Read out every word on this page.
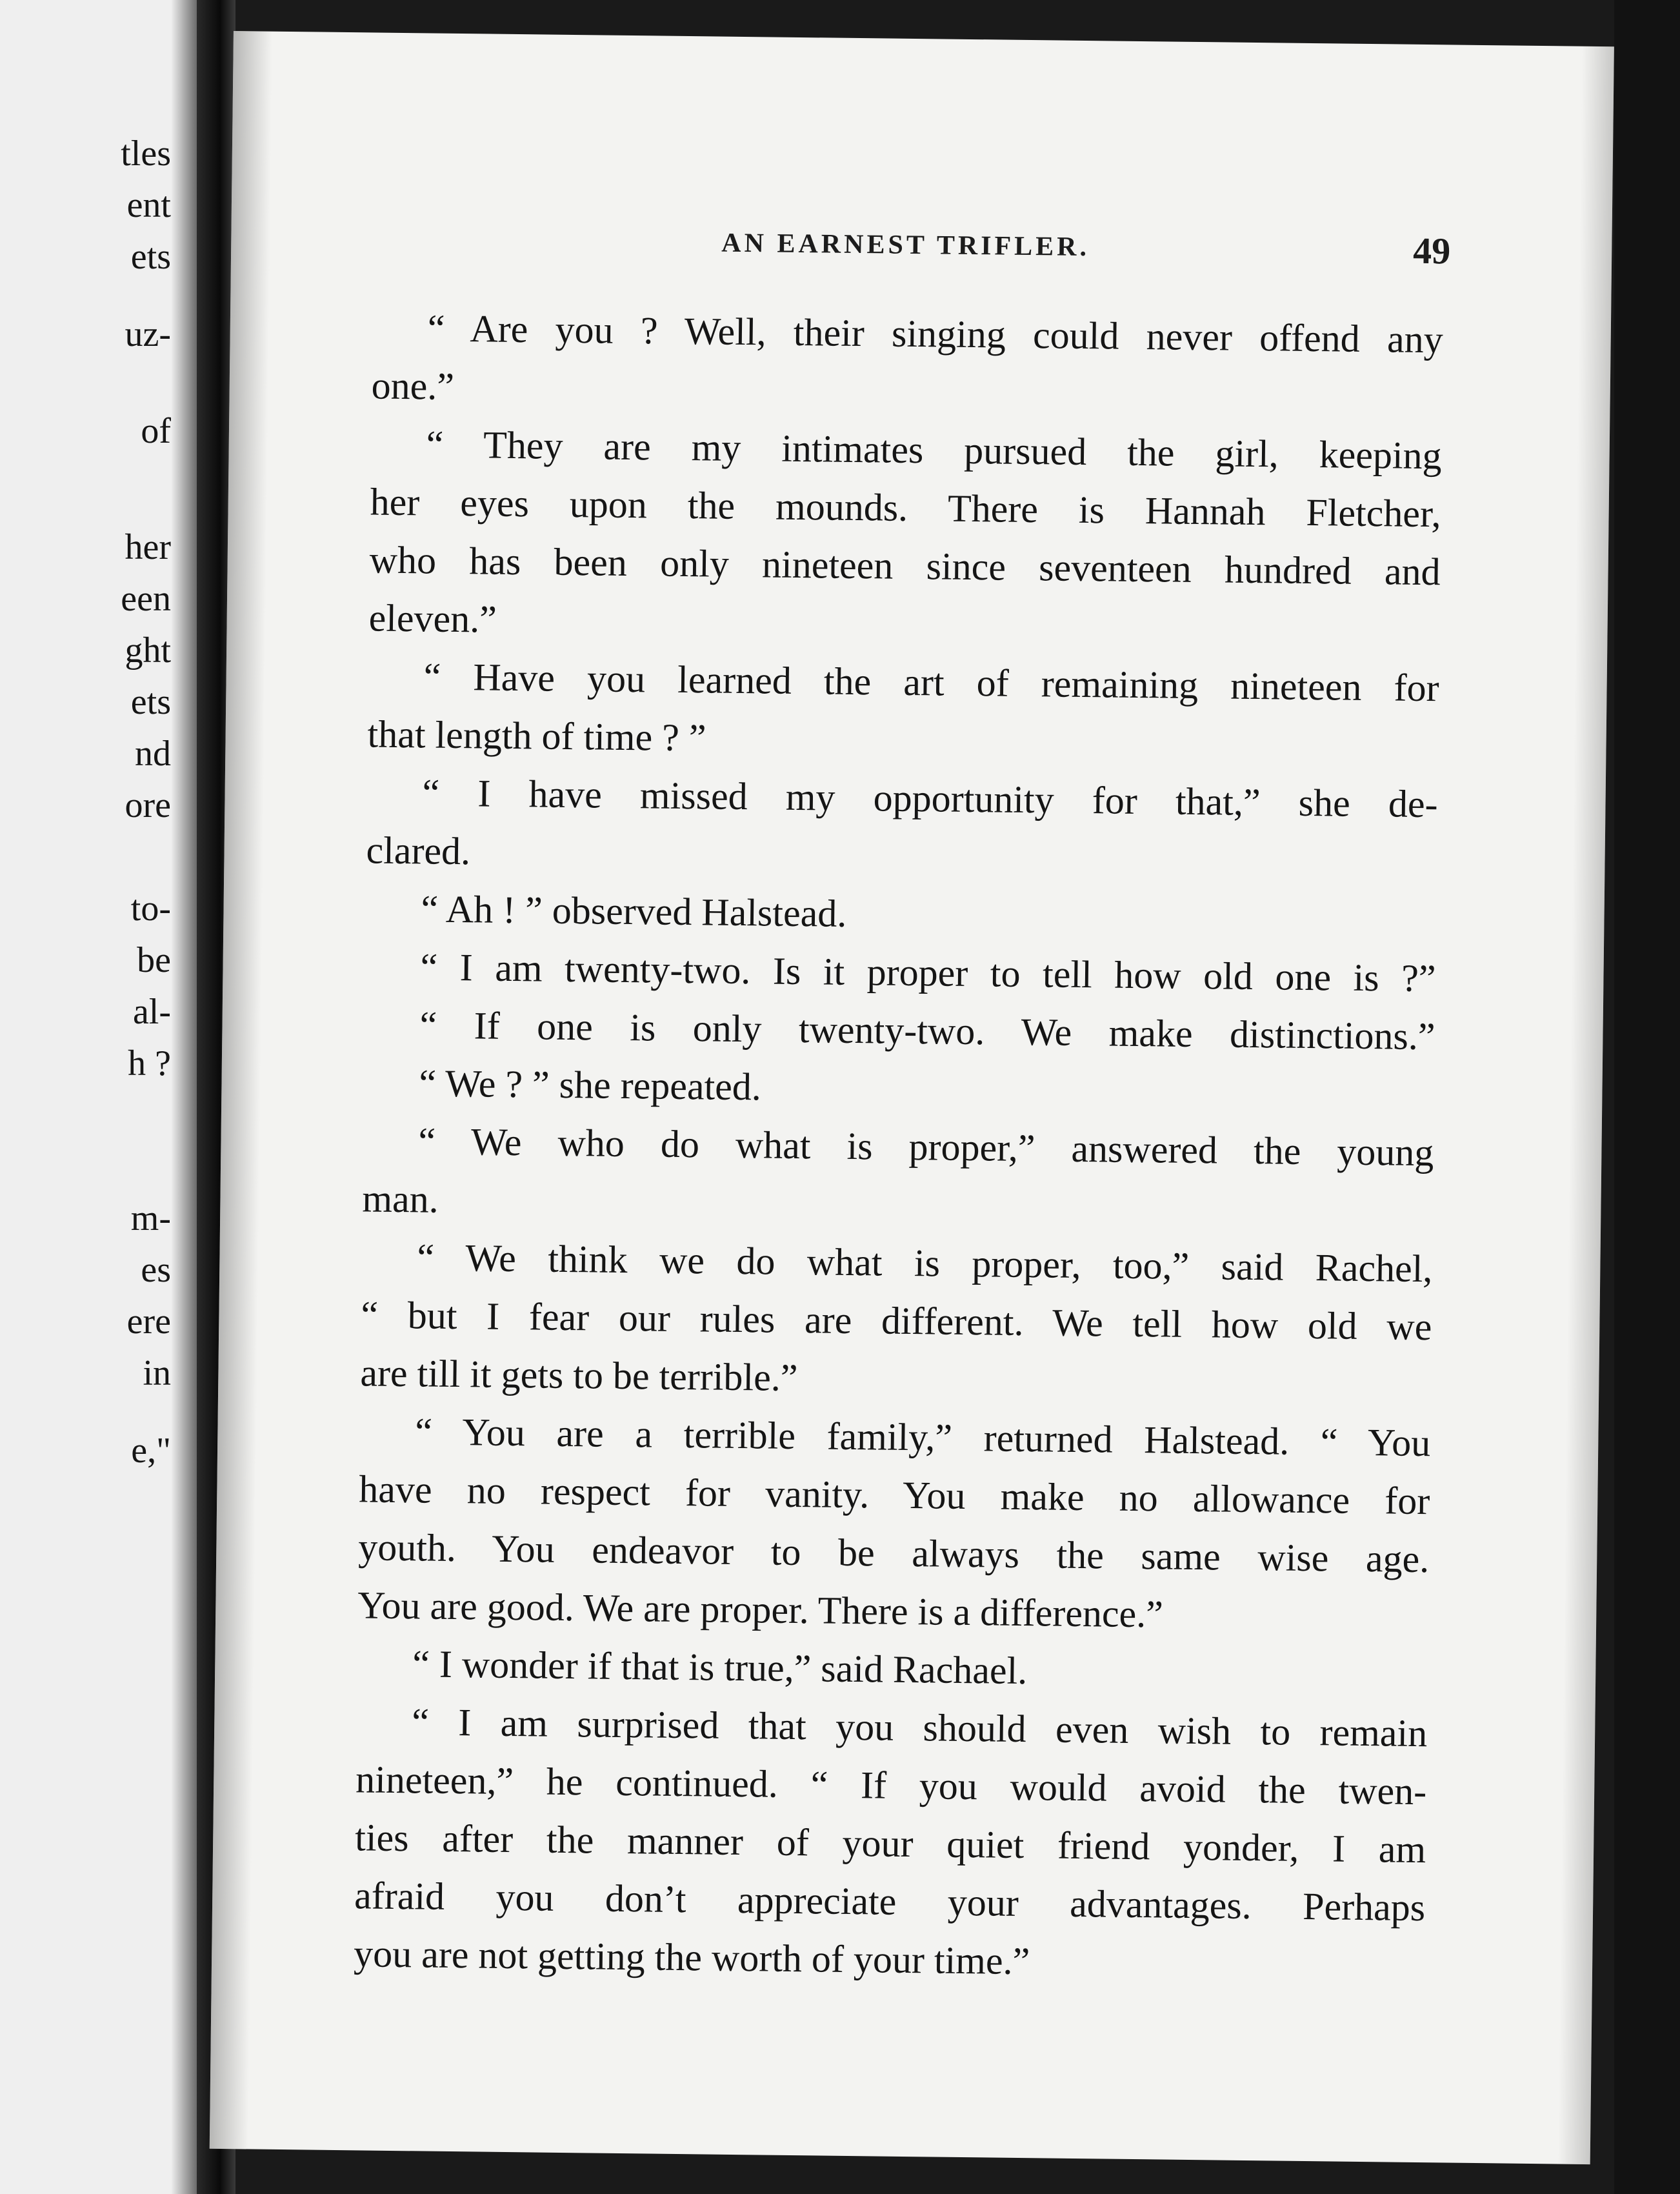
tles
ent
ets
uz-
of
her
een
ght
ets
nd
ore
to-
be
al-
h ?
m-
es
ere
in
e,"
AN EARNEST TRIFLER.	49
“ Are you ? Well, their singing could never offend any
one.”
“ They are my intimates pursued the girl, keeping
her eyes upon the mounds. There is Hannah Fletcher,
who has been only nineteen since seventeen hundred and
eleven.”
“ Have you learned the art of remaining nineteen for
that length of time ? ”
“ I have missed my opportunity for that,” she de-
clared.
“ Ah ! ” observed Halstead.
“ I am twenty-two. Is it proper to tell how old one is ?”
“ If one is only twenty-two. We make distinctions.”
“ We ? ” she repeated.
“ We who do what is proper,” answered the young
man.
“ We think we do what is proper, too,” said Rachel,
“ but I fear our rules are different. We tell how old we
are till it gets to be terrible.”
“ You are a terrible family,” returned Halstead. “ You
have no respect for vanity. You make no allowance for
youth. You endeavor to be always the same wise age.
You are good. We are proper. There is a difference.”
“ I wonder if that is true,” said Rachael.
“ I am surprised that you should even wish to remain
nineteen,” he continued. “ If you would avoid the twen-
ties after the manner of your quiet friend yonder, I am
afraid you don’t appreciate your advantages. Perhaps
you are not getting the worth of your time.”
